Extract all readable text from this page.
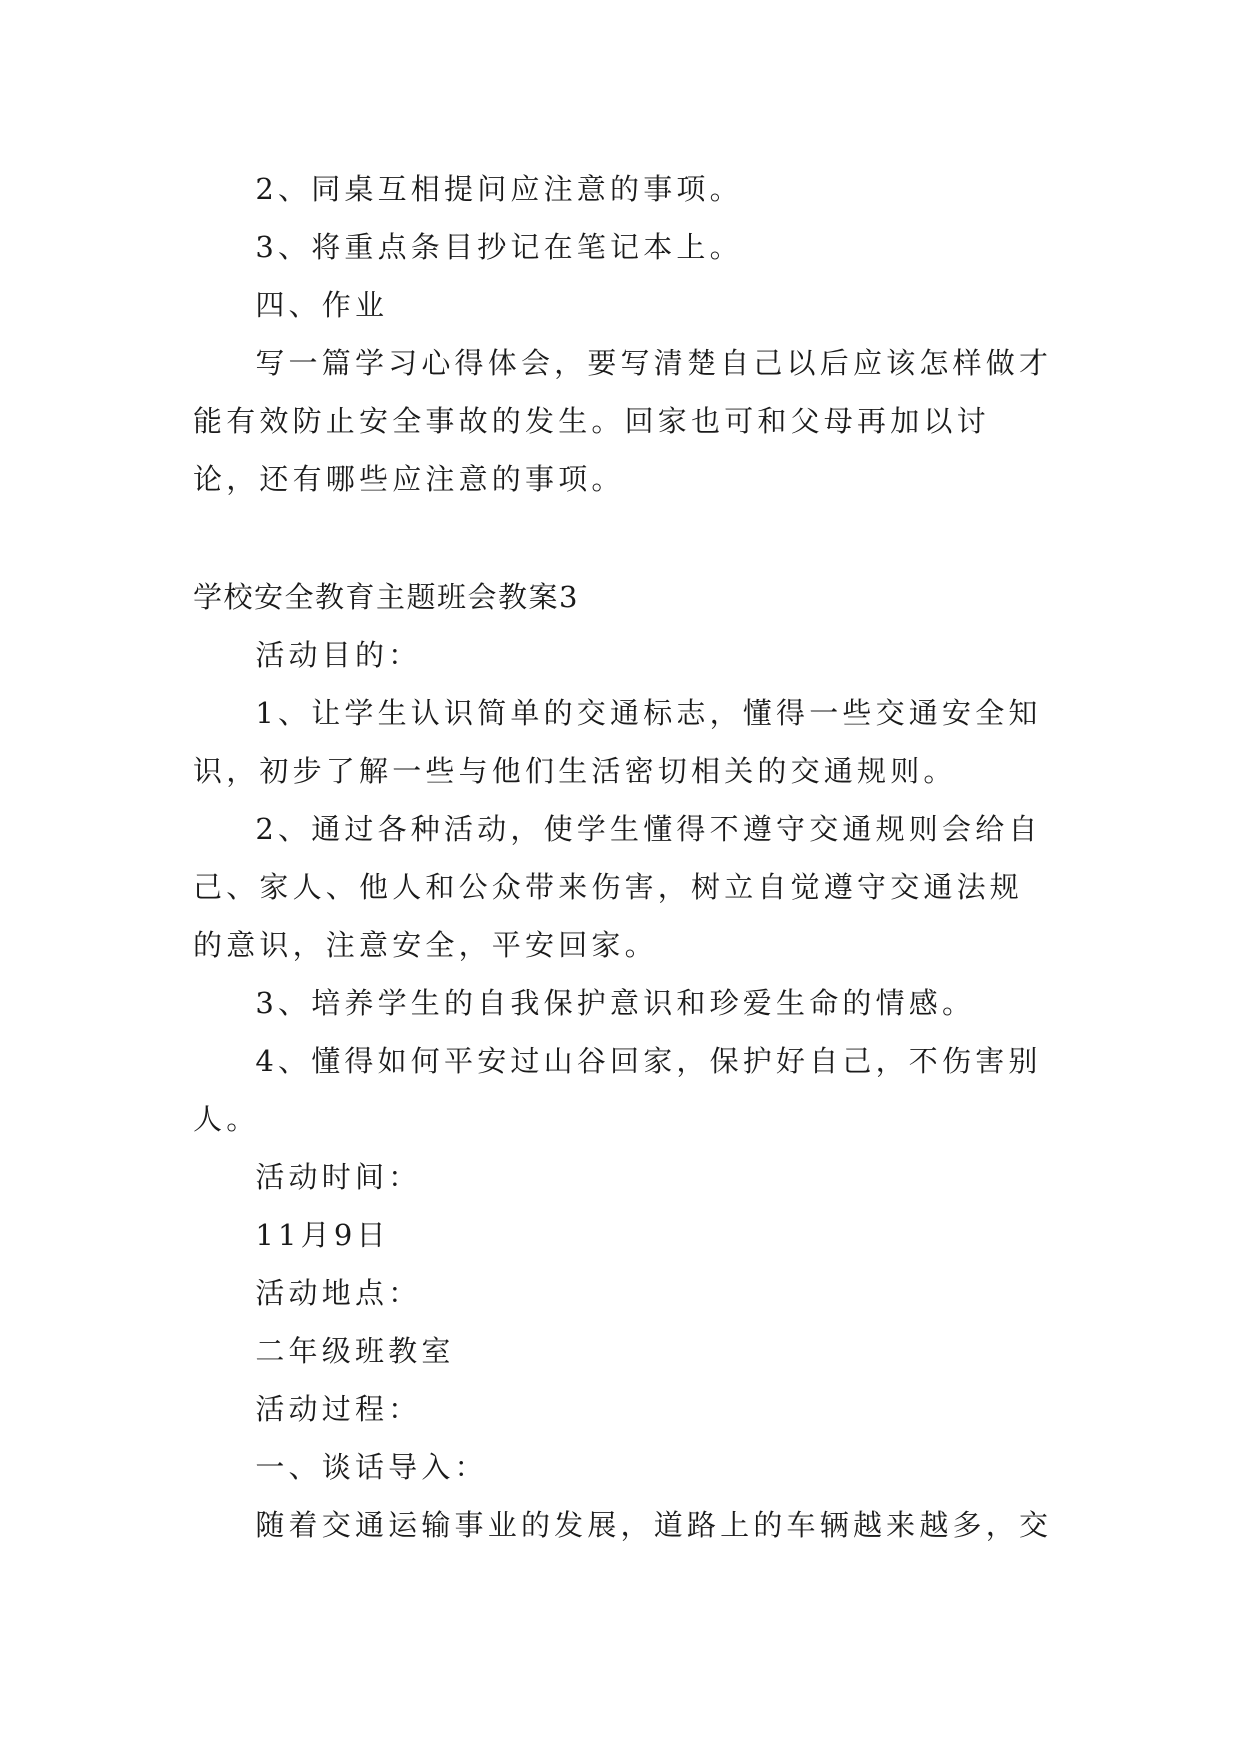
2、同桌互相提问应注意的事项。

3、将重点条目抄记在笔记本上。

四、作业

写一篇学习心得体会，要写清楚自己以后应该怎样做才能有效防止安全事故的发生。回家也可和父母再加以讨论，还有哪些应注意的事项。

学校安全教育主题班会教案3

活动目的：

1、让学生认识简单的交通标志，懂得一些交通安全知识，初步了解一些与他们生活密切相关的交通规则。

2、通过各种活动，使学生懂得不遵守交通规则会给自己、家人、他人和公众带来伤害，树立自觉遵守交通法规的意识，注意安全，平安回家。

3、培养学生的自我保护意识和珍爱生命的情感。

4、懂得如何平安过山谷回家，保护好自己，不伤害别人。

活动时间：

11月9日

活动地点：

二年级班教室

活动过程：

一、谈话导入：

随着交通运输事业的发展，道路上的车辆越来越多，交
